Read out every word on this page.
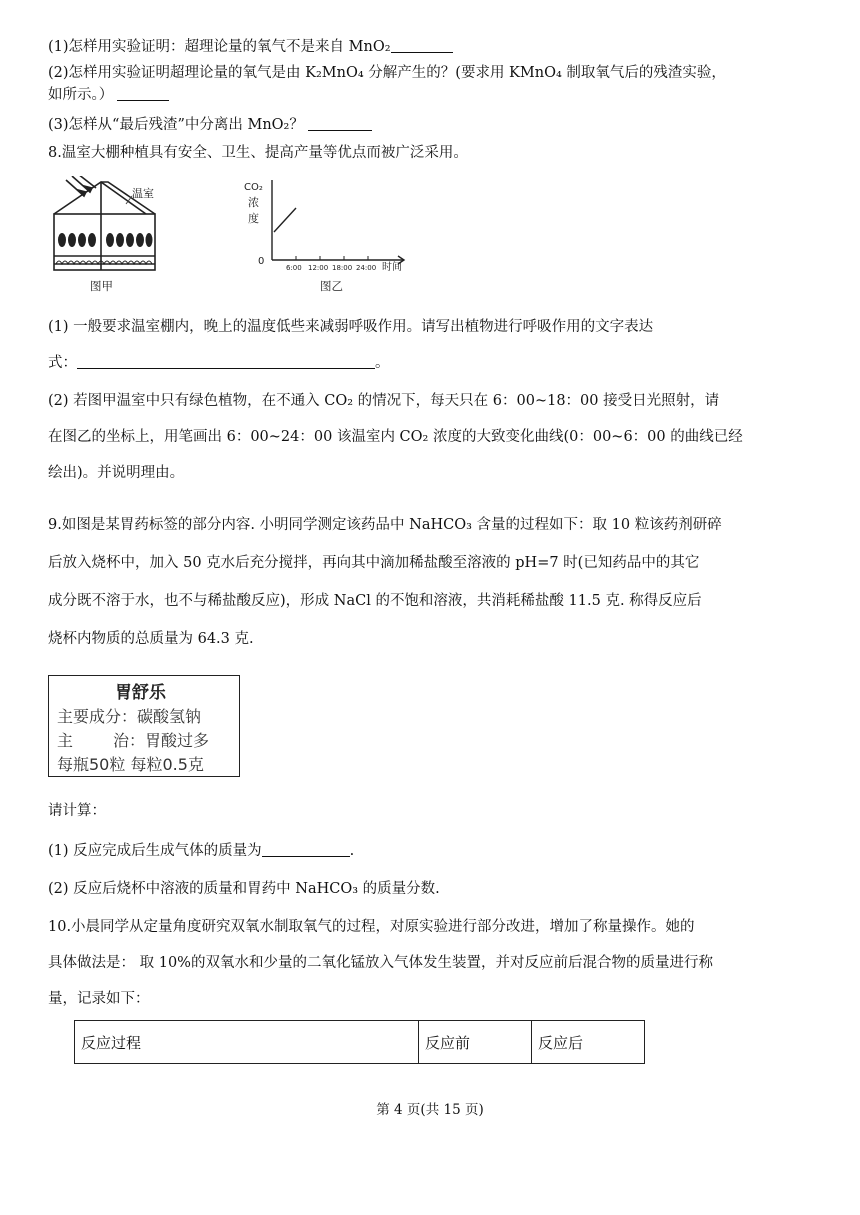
(1)怎样用实验证明：超理论量的氧气不是来自 MnO₂
(2)怎样用实验证明超理论量的氧气是由 K₂MnO₄ 分解产生的？(要求用 KMnO₄ 制取氧气后的残渣实验，
如所示。）
(3)怎样从“最后残渣”中分离出 MnO₂？
8.温室大棚种植具有安全、卫生、提高产量等优点而被广泛采用。
温室
图甲
CO₂
浓
度
0
6:00 12:00 18:00 24:00 时间
图乙
(1) 一般要求温室棚内，晚上的温度低些来减弱呼吸作用。请写出植物进行呼吸作用的文字表达
式：	。
(2) 若图甲温室中只有绿色植物，在不通入 CO₂ 的情况下，每天只在 6：00~18：00 接受日光照射，请
在图乙的坐标上，用笔画出 6：00~24：00 该温室内 CO₂ 浓度的大致变化曲线(0：00~6：00 的曲线已经
绘出)。并说明理由。
9.如图是某胃药标签的部分内容. 小明同学测定该药品中 NaHCO₃ 含量的过程如下：取 10 粒该药剂研碎
后放入烧杯中，加入 50 克水后充分搅拌，再向其中滴加稀盐酸至溶液的 pH=7 时(已知药品中的其它
成分既不溶于水，也不与稀盐酸反应)，形成 NaCl 的不饱和溶液，共消耗稀盐酸 11.5 克. 称得反应后
烧杯内物质的总质量为 64.3 克.
胃舒乐
主要成分：碳酸氢钠
主 治：胃酸过多
每瓶50粒 每粒0.5克
请计算：
(1) 反应完成后生成气体的质量为	.
(2) 反应后烧杯中溶液的质量和胃药中 NaHCO₃ 的质量分数.
10.小晨同学从定量角度研究双氧水制取氧气的过程，对原实验进行部分改进，增加了称量操作。她的
具体做法是： 取 10%的双氧水和少量的二氧化锰放入气体发生装置，并对反应前后混合物的质量进行称
量，记录如下：
反应过程	反应前	反应后
第 4 页(共 15 页)
